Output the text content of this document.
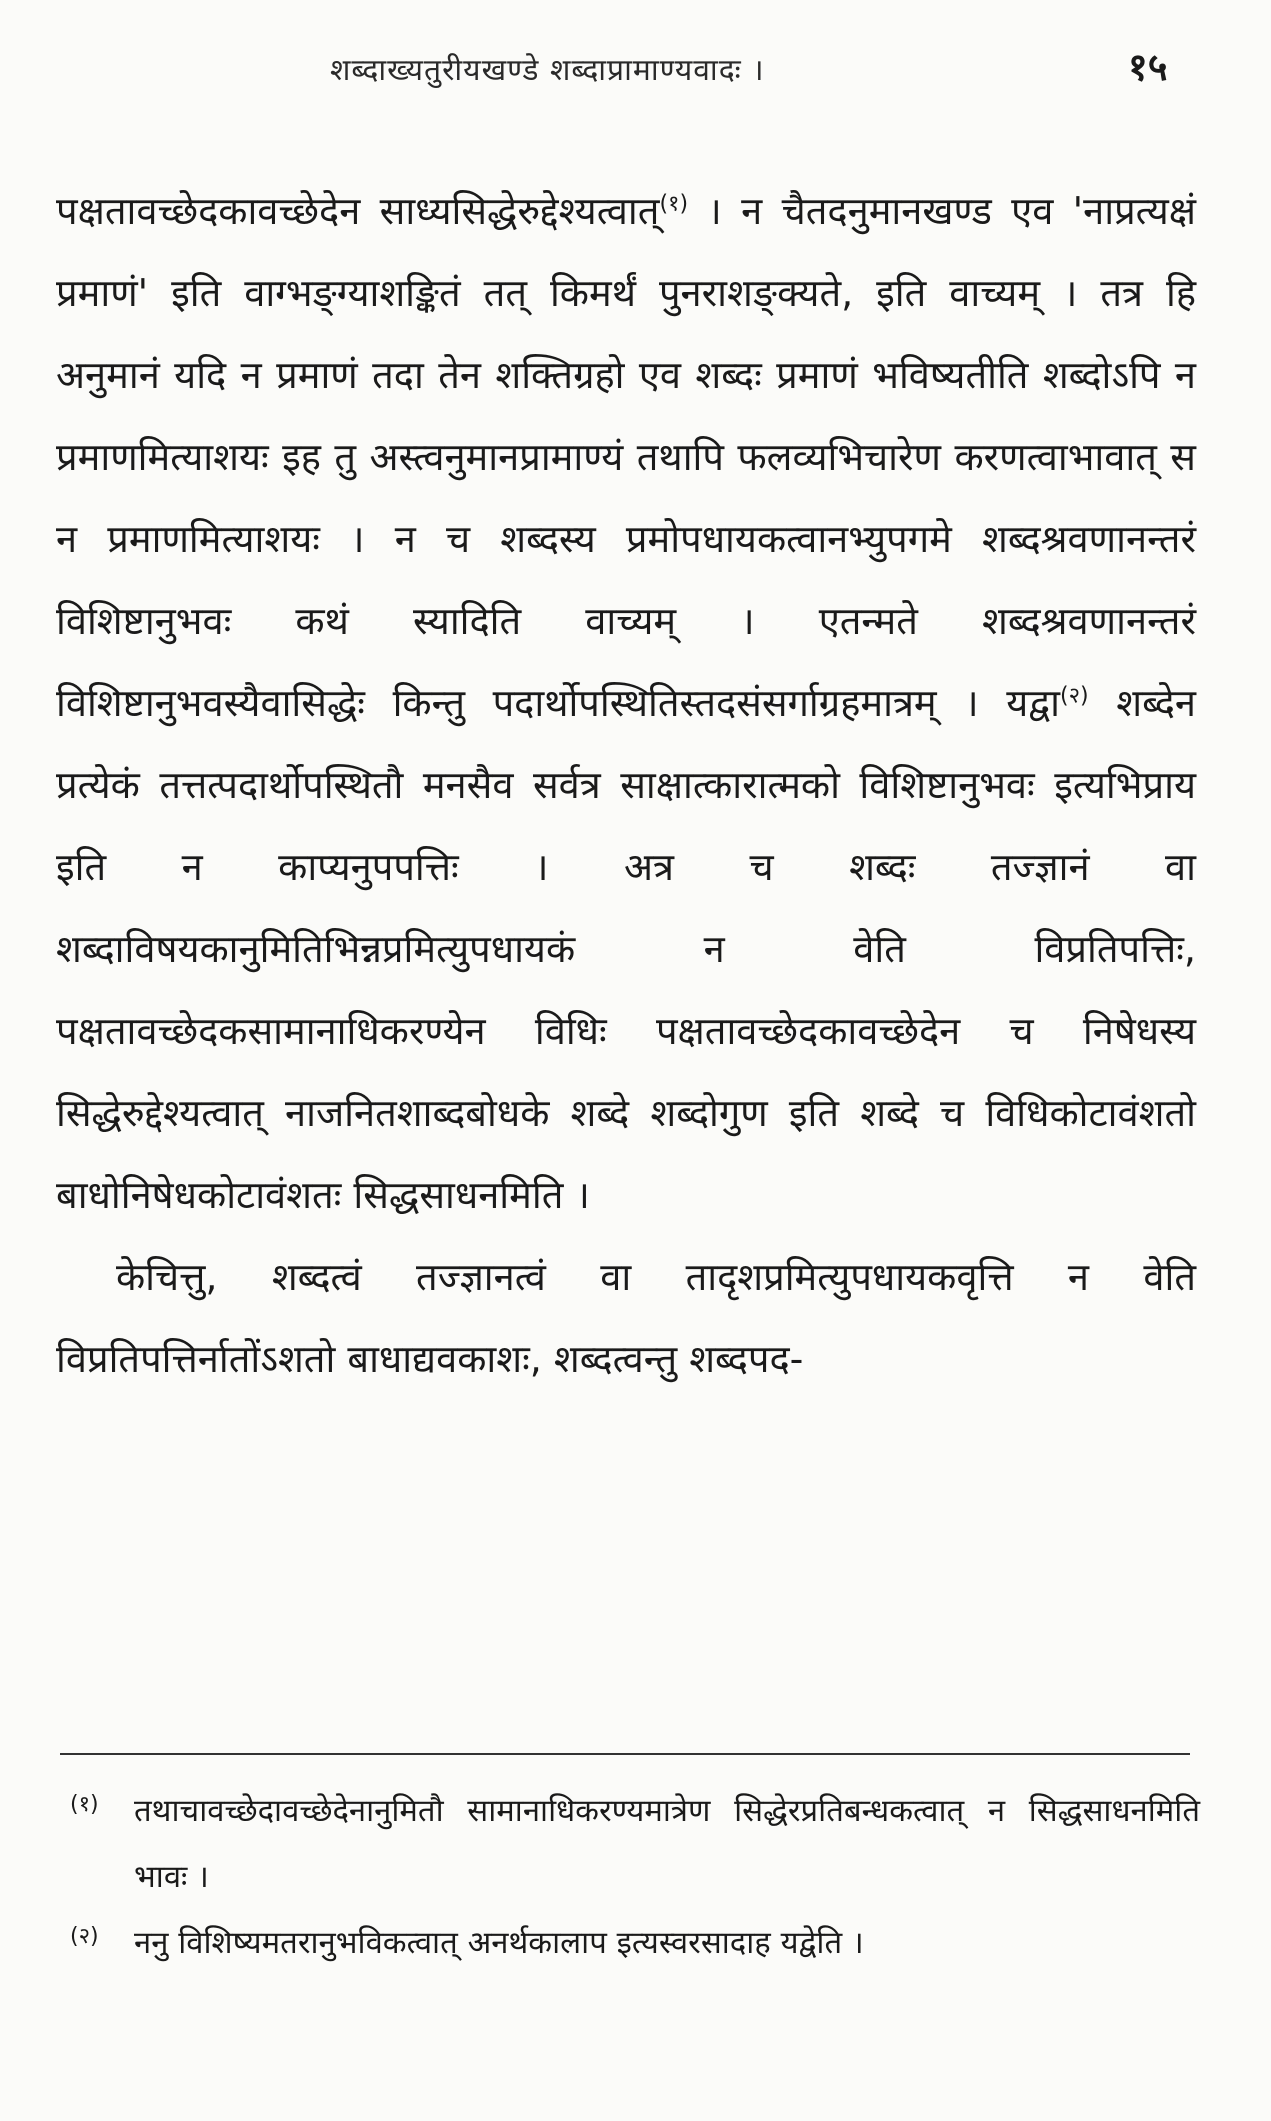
शब्दाख्यतुरीयखण्डे शब्दाप्रामाण्यवादः ।	१५

पक्षतावच्छेदकावच्छेदेन साध्यसिद्धेरुद्देश्यत्वात्$^{(१)}$ । न चैतदनुमानखण्ड एव 'नाप्रत्यक्षं प्रमाणं' इति वाग्भङ्ग्याशङ्कितं तत् किमर्थं पुनराशङ्क्यते, इति वाच्यम् । तत्र हि अनुमानं यदि न प्रमाणं तदा तेन शक्तिग्रहो एव शब्दः प्रमाणं भविष्यतीति शब्दोऽपि न प्रमाणमित्याशयः इह तु अस्त्वनुमानप्रामाण्यं तथापि फलव्यभिचारेण करणत्वाभावात् स न प्रमाणमित्याशयः । न च शब्दस्य प्रमोपधायकत्वानभ्युपगमे शब्दश्रवणानन्तरं विशिष्टानुभवः कथं स्यादिति वाच्यम् । एतन्मते शब्दश्रवणानन्तरं विशिष्टानुभवस्यैवासिद्धेः किन्तु पदार्थोपस्थितिस्तदसंसर्गाग्रहमात्रम् । यद्वा$^{(२)}$ शब्देन प्रत्येकं तत्तत्पदार्थोपस्थितौ मनसैव सर्वत्र साक्षात्कारात्मको विशिष्टानुभवः इत्यभिप्राय इति न काप्यनुपपत्तिः । अत्र च शब्दः तज्ज्ञानं वा शब्दाविषयकानुमितिभिन्नप्रमित्युपधायकं न वेति विप्रतिपत्तिः, पक्षतावच्छेदकसामानाधिकरण्येन विधिः पक्षतावच्छेदकावच्छेदेन च निषेधस्य सिद्धेरुद्देश्यत्वात् नाजनितशाब्दबोधके शब्दे शब्दोगुण इति शब्दे च विधिकोटावंशतो बाधोनिषेधकोटावंशतः सिद्धसाधनमिति ।

केचित्तु, शब्दत्वं तज्ज्ञानत्वं वा तादृशप्रमित्युपधायकवृत्ति न वेति विप्रतिपत्तिर्नातोंऽशतो बाधाद्यवकाशः, शब्दत्वन्तु शब्दपद-

(१) तथाचावच्छेदावच्छेदेनानुमितौ सामानाधिकरण्यमात्रेण सिद्धेरप्रतिबन्धकत्वात् न सिद्धसाधनमिति भावः ।
(२) ननु विशिष्यमतरानुभविकत्वात् अनर्थकालाप इत्यस्वरसादाह यद्वेति ।
